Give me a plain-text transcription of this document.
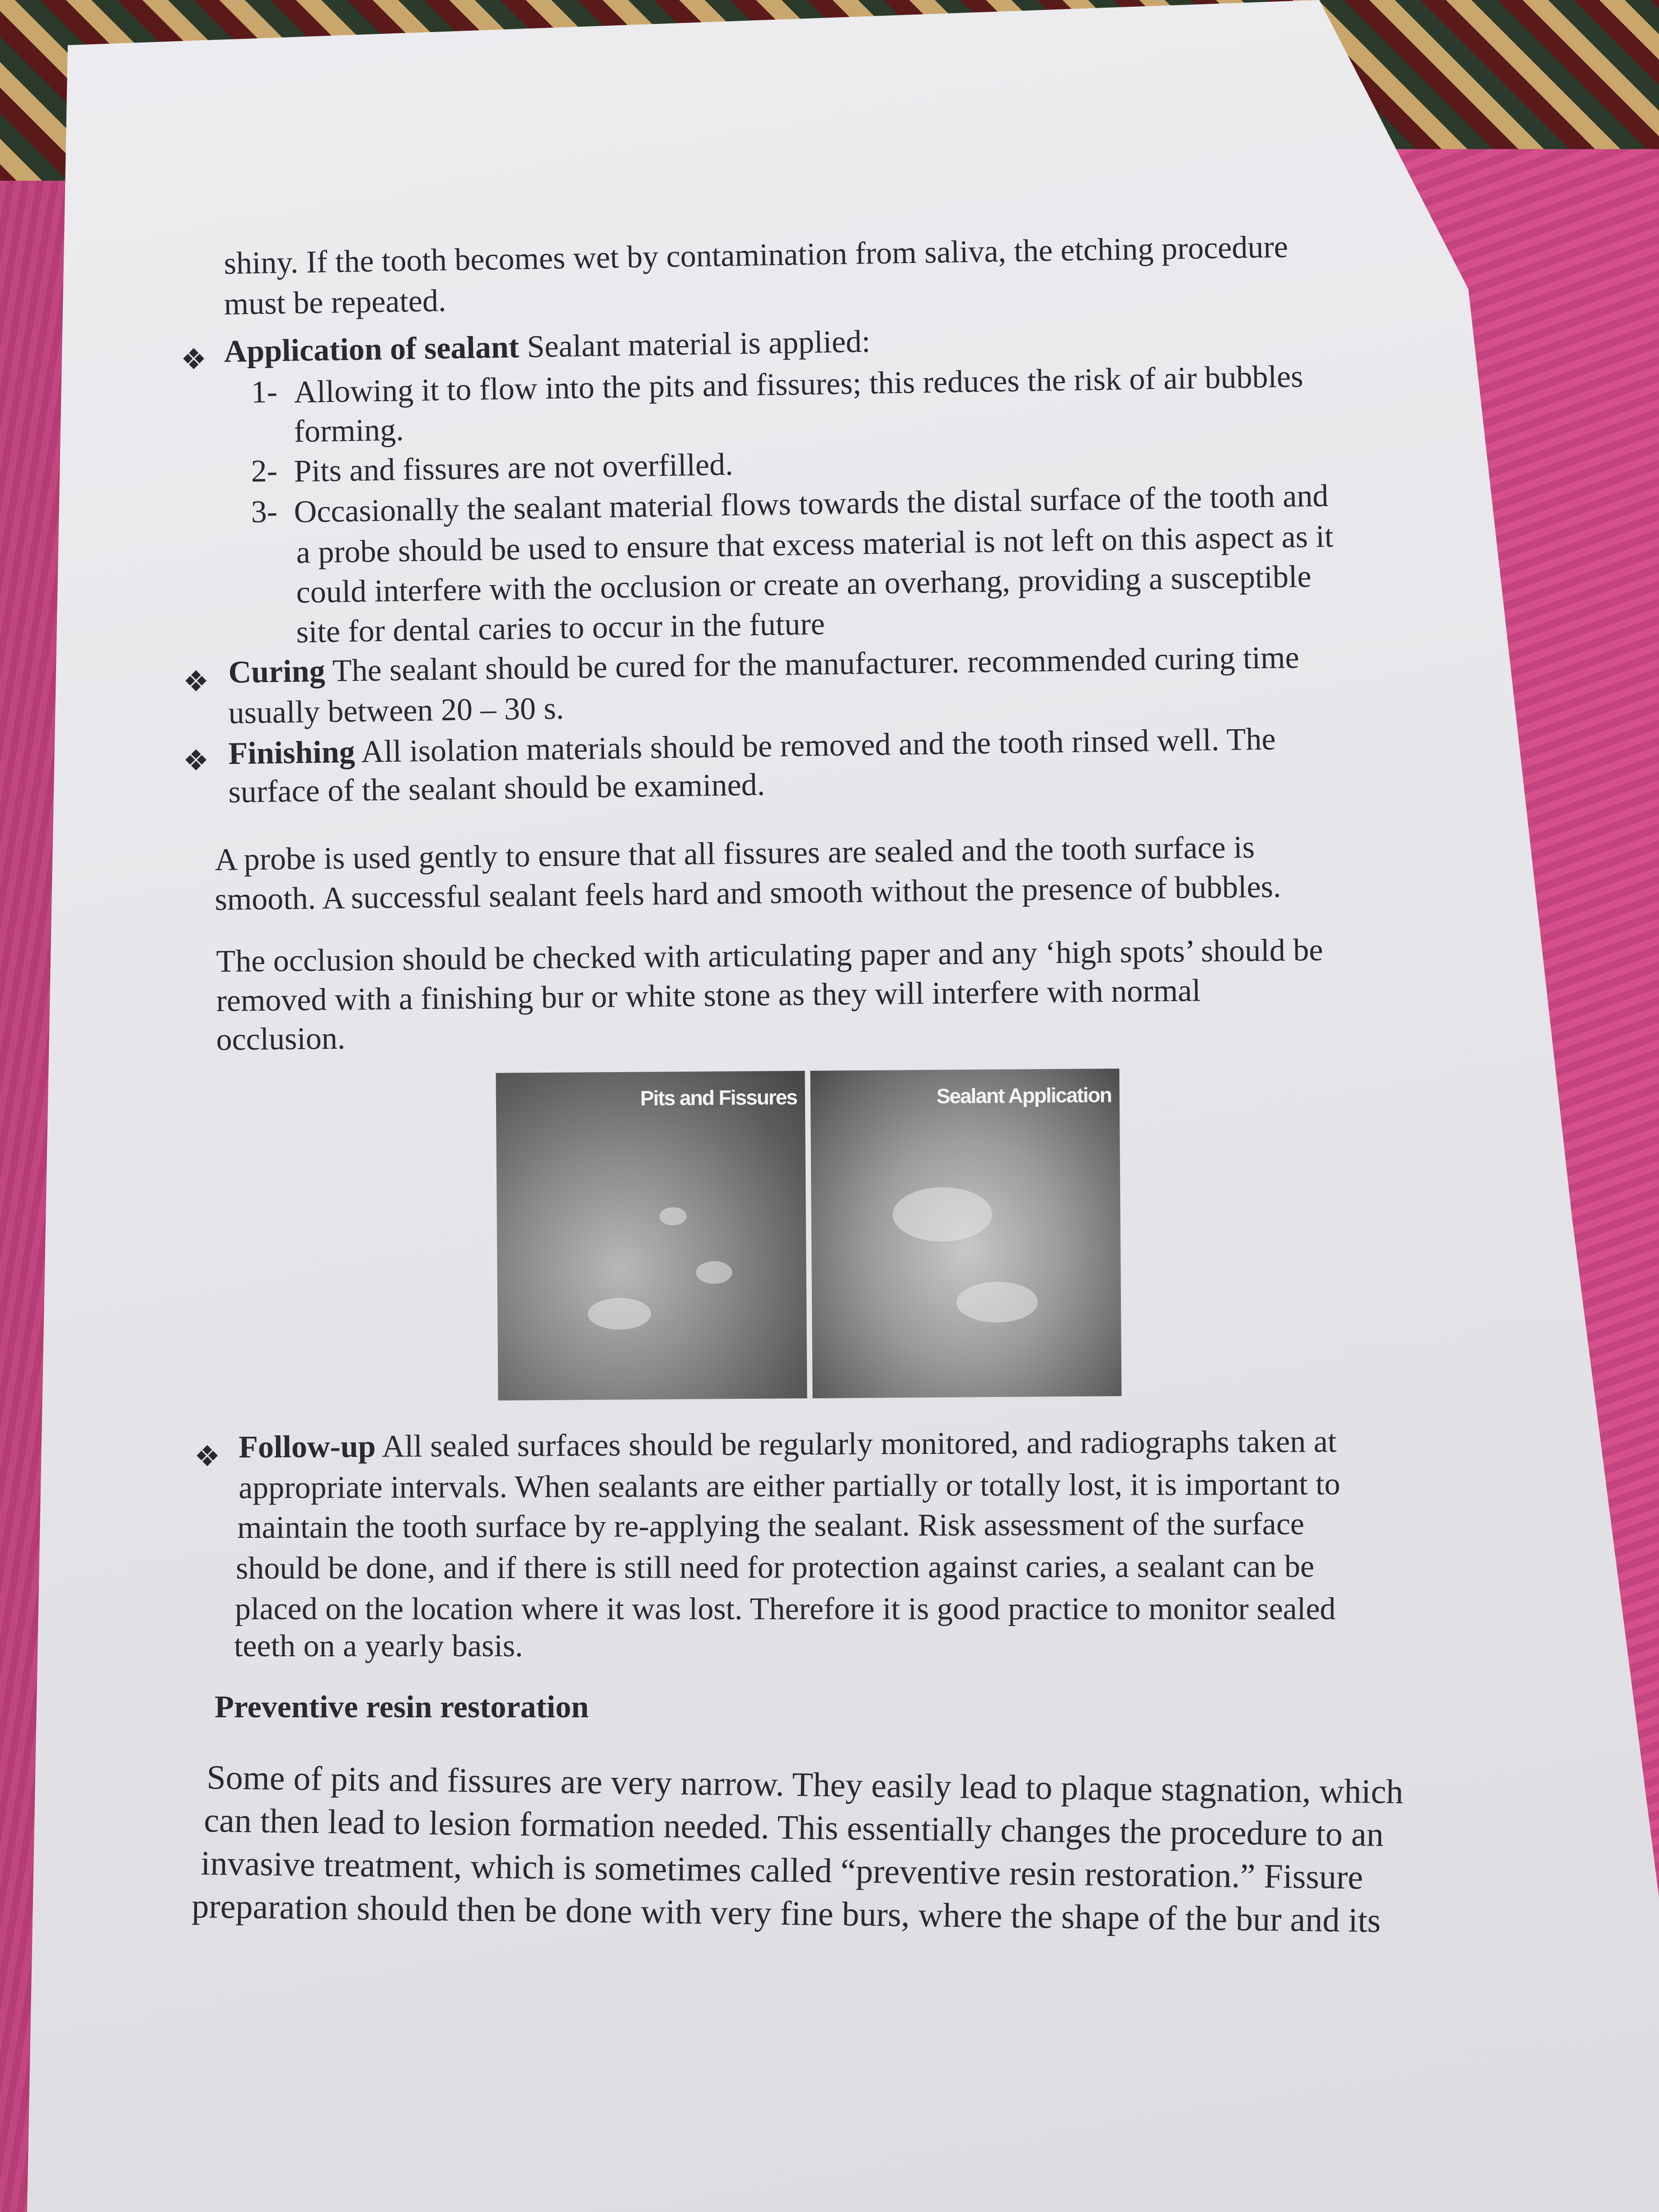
shiny. If the tooth becomes wet by contamination from saliva, the etching procedure
must be repeated.
❖ Application of sealant Sealant material is applied:
1- Allowing it to flow into the pits and fissures; this reduces the risk of air bubbles
forming.
2- Pits and fissures are not overfilled.
3- Occasionally the sealant material flows towards the distal surface of the tooth and
a probe should be used to ensure that excess material is not left on this aspect as it
could interfere with the occlusion or create an overhang, providing a susceptible
site for dental caries to occur in the future
❖ Curing The sealant should be cured for the manufacturer. recommended curing time
usually between 20 – 30 s.
❖ Finishing All isolation materials should be removed and the tooth rinsed well. The
surface of the sealant should be examined.
A probe is used gently to ensure that all fissures are sealed and the tooth surface is
smooth. A successful sealant feels hard and smooth without the presence of bubbles.
The occlusion should be checked with articulating paper and any ‘high spots’ should be
removed with a finishing bur or white stone as they will interfere with normal
occlusion.
Pits and Fissures	Sealant Application
❖ Follow-up All sealed surfaces should be regularly monitored, and radiographs taken at
appropriate intervals. When sealants are either partially or totally lost, it is important to
maintain the tooth surface by re-applying the sealant. Risk assessment of the surface
should be done, and if there is still need for protection against caries, a sealant can be
placed on the location where it was lost. Therefore it is good practice to monitor sealed
teeth on a yearly basis.
Preventive resin restoration
Some of pits and fissures are very narrow. They easily lead to plaque stagnation, which
can then lead to lesion formation needed. This essentially changes the procedure to an
invasive treatment, which is sometimes called “preventive resin restoration.” Fissure
preparation should then be done with very fine burs, where the shape of the bur and its
